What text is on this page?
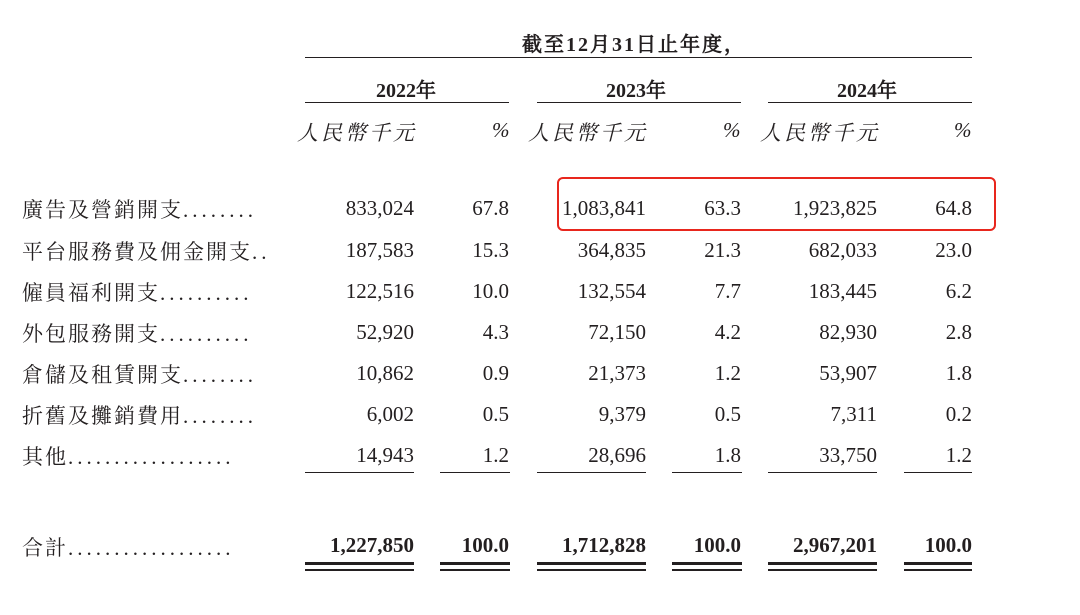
截至12月31日止年度，
2022年	2023年	2024年
人民幣千元	% 人民幣千元	% 人民幣千元	%
廣告及營銷開支........	833,024	67.8	1,083,841	63.3 1,923,825	64.8
平台服務費及佣金開支..	187,583	15.3	364,835	21.3	682,033	23.0
僱員福利開支..........	122,516	10.0	132,554	7.7	183,445	6.2
外包服務開支..........	52,920	4.3	72,150	4.2	82,930	2.8
倉儲及租賃開支........	10,862	0.9	21,373	1.2	53,907	1.8
折舊及攤銷費用........	6,002	0.5	9,379	0.5	7,311	0.2
其他..................	14,943	1.2	28,696	1.8	33,750	1.2
合計..................	1,227,850 100.0	1,712,828 100.0 2,967,201 100.0
